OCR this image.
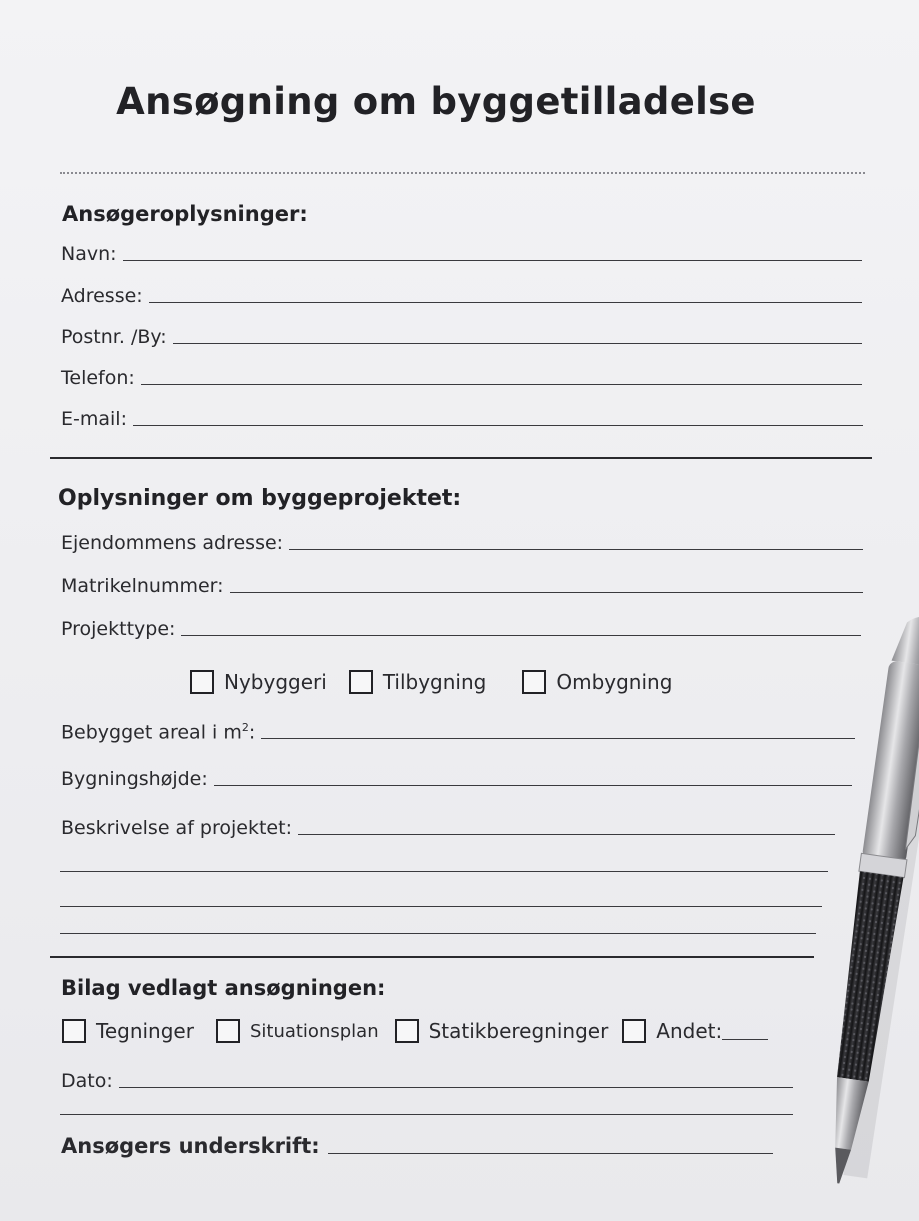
Ansøgning om byggetilladelse
Ansøgeroplysninger:
Navn:
Adresse:
Postnr. /By:
Telefon:
E-mail:
Oplysninger om byggeprojektet:
Ejendommens adresse:
Matrikelnummer:
Projekttype:
Nybyggeri	Tilbygning	Ombygning
Bebygget areal i $m^2$:
Bygningshøjde:
Beskrivelse af projektet:
Bilag vedlagt ansøgningen:
Tegninger	Situationsplan	Statikberegninger Andet:
Dato:
Ansøgers underskrift:
